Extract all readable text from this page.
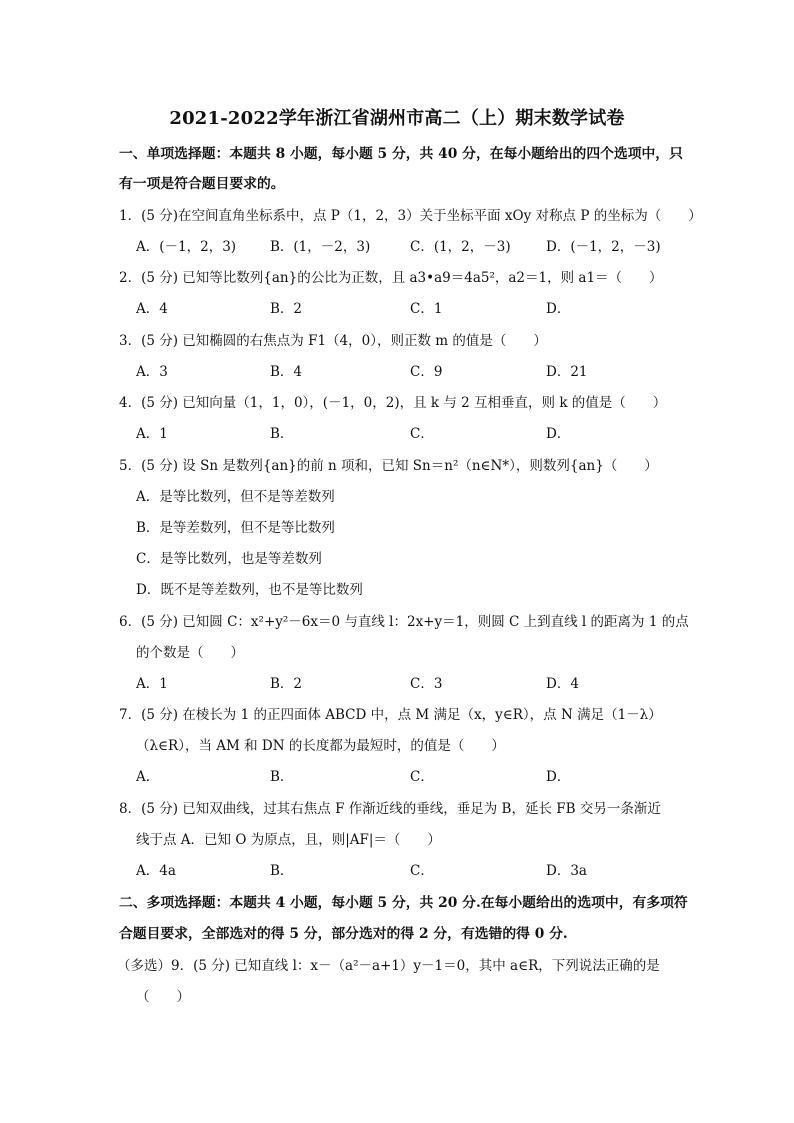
2021-2022学年浙江省湖州市高二（上）期末数学试卷
一、单项选择题：本题共 8 小题，每小题 5 分，共 40 分，在每小题给出的四个选项中，只
有一项是符合题目要求的。
1．(5 分)在空间直角坐标系中，点 P（1，2，3）关于坐标平面 xOy 对称点 P 的坐标为（　　）
A．(－1，2，3)	B．(1，－2，3)	C．(1，2，－3)	D．(－1，2，－3)
2．(5 分) 已知等比数列{an}的公比为正数，且 a3•a9＝4a5²，a2＝1，则 a1＝（　　）
A．4	B．2	C．1	D．
3．(5 分) 已知椭圆的右焦点为 F1（4，0），则正数 m 的值是（　　）
A．3	B．4	C．9	D．21
4．(5 分) 已知向量（1，1，0），(－1，0，2)，且 k 与 2 互相垂直，则 k 的值是（　　）
A．1	B．	C．	D．
5．(5 分) 设 Sn 是数列{an}的前 n 项和，已知 Sn＝n²（n∈N*），则数列{an}（　　）
A．是等比数列，但不是等差数列
B．是等差数列，但不是等比数列
C．是等比数列，也是等差数列
D．既不是等差数列，也不是等比数列
6．(5 分) 已知圆 C：x²+y²－6x＝0 与直线 l：2x+y＝1，则圆 C 上到直线 l 的距离为 1 的点
的个数是（　　）
A．1	B．2	C．3	D．4
7．(5 分) 在棱长为 1 的正四面体 ABCD 中，点 M 满足（x，y∈R），点 N 满足（1－λ）
（λ∈R），当 AM 和 DN 的长度都为最短时，的值是（　　）
A．	B．	C．	D．
8．(5 分) 已知双曲线，过其右焦点 F 作渐近线的垂线，垂足为 B，延长 FB 交另一条渐近
线于点 A．已知 O 为原点，且，则|AF|＝（　　）
A．4a	B．	C．	D．3a
二、多项选择题：本题共 4 小题，每小题 5 分，共 20 分.在每小题给出的选项中，有多项符
合题目要求，全部选对的得 5 分，部分选对的得 2 分，有选错的得 0 分.
（多选）9．(5 分) 已知直线 l：x－（a²－a+1）y－1＝0，其中 a∈R，下列说法正确的是
（　　）
